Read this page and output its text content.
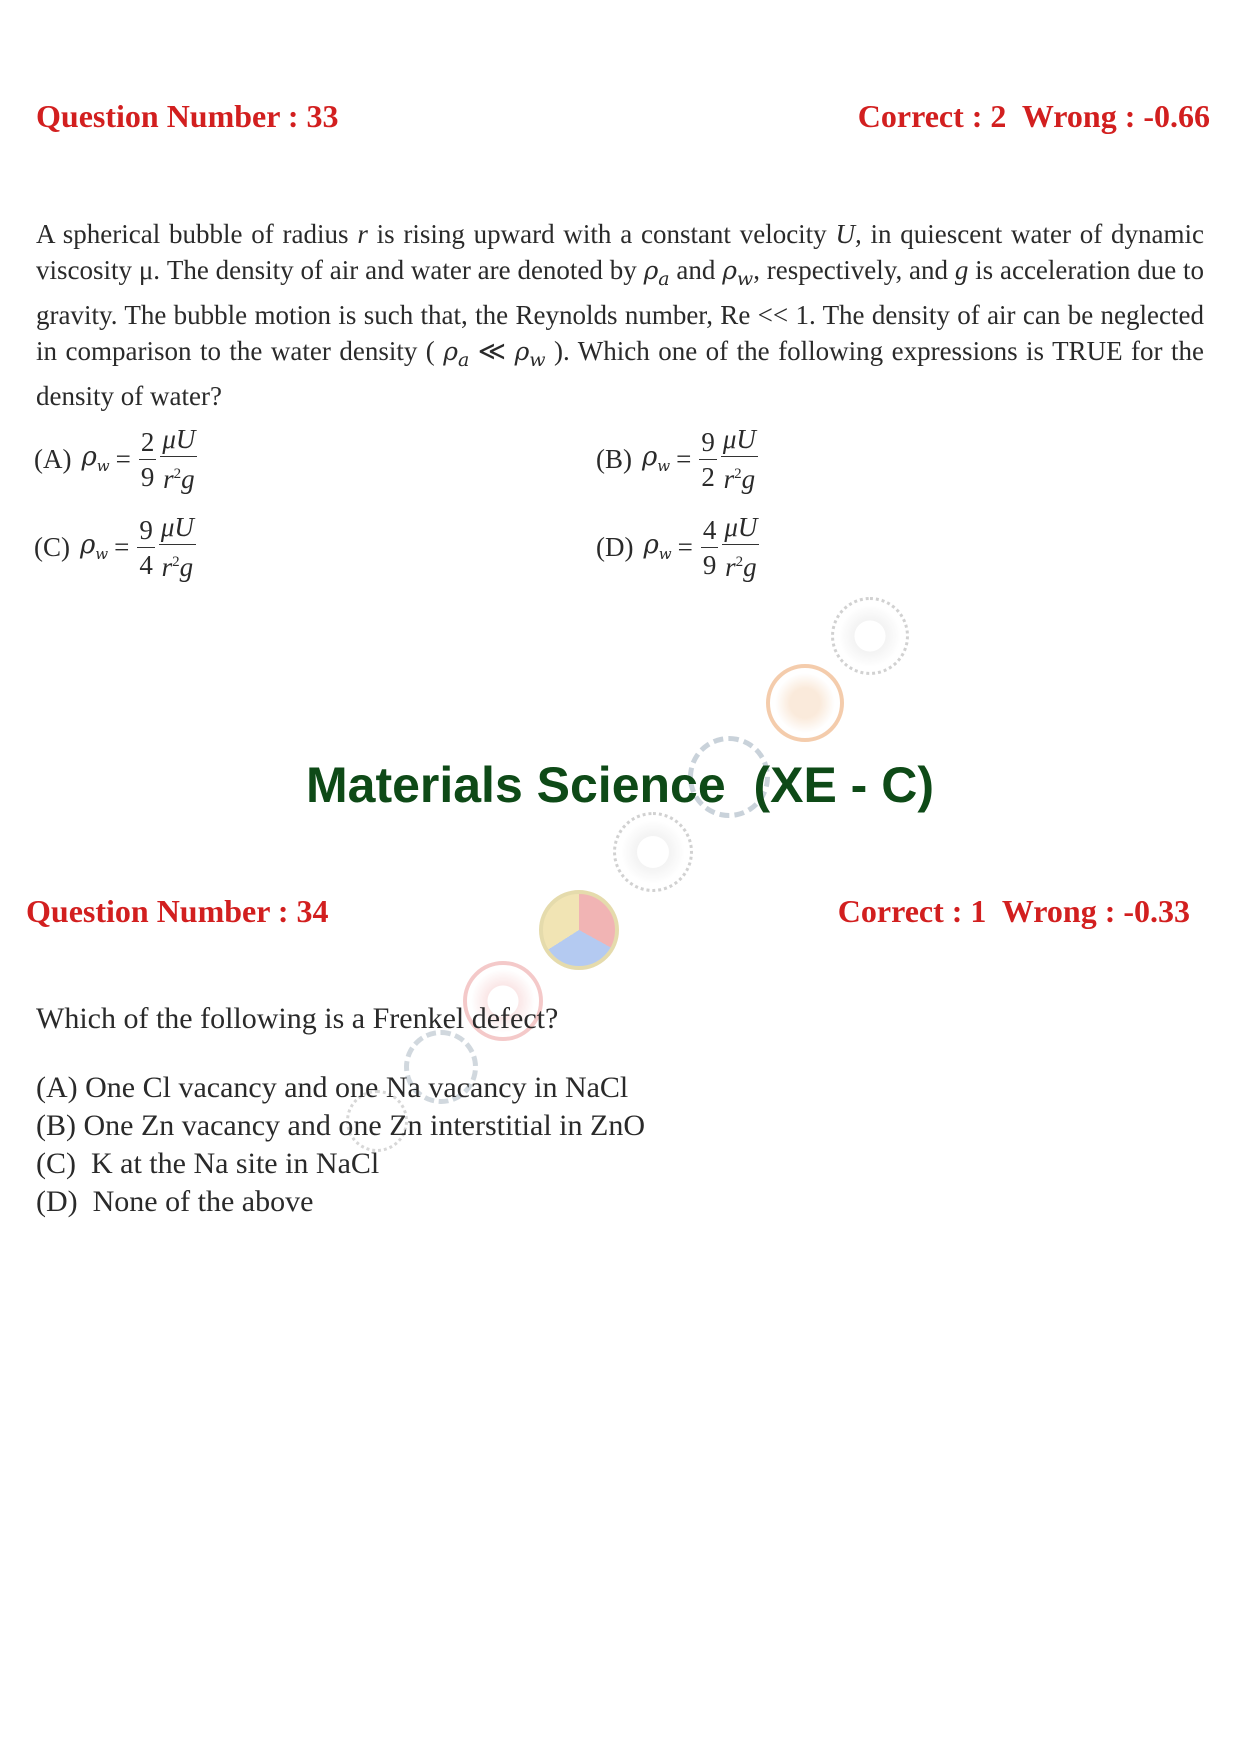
Question Number : 33	Correct : 2 Wrong : -0.66
A spherical bubble of radius r is rising upward with a constant velocity U, in quiescent water of dynamic viscosity μ. The density of air and water are denoted by $\rho_a$ and $\rho_w$, respectively, and g is acceleration due to gravity. The bubble motion is such that, the Reynolds number, Re << 1. The density of air can be neglected in comparison to the water density ( $\rho_a$ ≪ $\rho_w$ ). Which one of the following expressions is TRUE for the density of water?
(A) $\rho_w = \frac{2}{9} \frac{\mu U}{r^2g}$	(B) $\rho_w = \frac{9}{2} \frac{\mu U}{r^2g}$
(C) $\rho_w = \frac{9}{4} \frac{\mu U}{r^2g}$	(D) $\rho_w = \frac{4}{9} \frac{\mu U}{r^2g}$
Materials Science  (XE - C)
Question Number : 34	Correct : 1 Wrong : -0.33
Which of the following is a Frenkel defect?
(A) One Cl vacancy and one Na vacancy in NaCl
(B) One Zn vacancy and one Zn interstitial in ZnO
(C)  K at the Na site in NaCl
(D)  None of the above
